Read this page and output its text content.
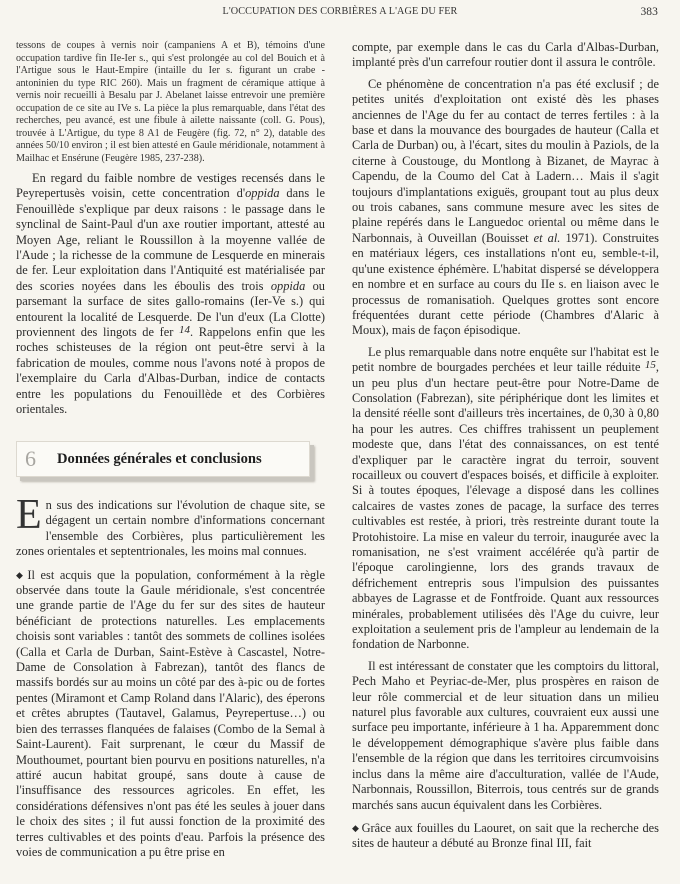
L'OCCUPATION DES CORBIÈRES A L'AGE DU FER	383

tessons de coupes à vernis noir (campaniens A et B), témoins d'une occupation tardive fin IIe-Ier s., qui s'est prolongée au col del Bouich et à l'Artigue sous le Haut-Empire (intaille du Ier s. figurant un crabe - antoninien du type RIC 260). Mais un fragment de céramique attique à vernis noir recueilli à Besalu par J. Abelanet laisse entrevoir une première occupation de ce site au IVe s. La pièce la plus remarquable, dans l'état des recherches, peu avancé, est une fibule à ailette naissante (coll. G. Pous), trouvée à L'Artigue, du type 8 A1 de Feugère (fig. 72, n° 2), datable des années 50/10 environ ; il est bien attesté en Gaule méridionale, notamment à Mailhac et Ensérune (Feugère 1985, 237-238).

En regard du faible nombre de vestiges recensés dans le Peyrepertusès voisin, cette concentration d'oppida dans le Fenouillède s'explique par deux raisons : le passage dans le synclinal de Saint-Paul d'un axe routier important, attesté au Moyen Age, reliant le Roussillon à la moyenne vallée de l'Aude ; la richesse de la commune de Lesquerde en minerais de fer. Leur exploitation dans l'Antiquité est matérialisée par des scories noyées dans les éboulis des trois oppida ou parsemant la surface de sites gallo-romains (Ier-Ve s.) qui entourent la localité de Lesquerde. De l'un d'eux (La Clotte) proviennent des lingots de fer 14. Rappelons enfin que les roches schisteuses de la région ont peut-être servi à la fabrication de moules, comme nous l'avons noté à propos de l'exemplaire du Carla d'Albas-Durban, indice de contacts entre les populations du Fenouillède et des Corbières orientales.

6	Données générales et conclusions

En sus des indications sur l'évolution de chaque site, se dégagent un certain nombre d'informations concernant l'ensemble des Corbières, plus particulièrement les zones orientales et septentrionales, les moins mal connues.

◆ Il est acquis que la population, conformément à la règle observée dans toute la Gaule méridionale, s'est concentrée une grande partie de l'Age du fer sur des sites de hauteur bénéficiant de protections naturelles. Les emplacements choisis sont variables : tantôt des sommets de collines isolées (Calla et Carla de Durban, Saint-Estève à Cascastel, Notre-Dame de Consolation à Fabrezan), tantôt des flancs de massifs bordés sur au moins un côté par des à-pic ou de fortes pentes (Miramont et Camp Roland dans l'Alaric), des éperons et crêtes abruptes (Tautavel, Galamus, Peyrepertuse…) ou bien des terrasses flanquées de falaises (Combo de la Semal à Saint-Laurent). Fait surprenant, le cœur du Massif de Mouthoumet, pourtant bien pourvu en positions naturelles, n'a attiré aucun habitat groupé, sans doute à cause de l'insuffisance des ressources agricoles. En effet, les considérations défensives n'ont pas été les seules à jouer dans le choix des sites ; il fut aussi fonction de la proximité des terres cultivables et des points d'eau. Parfois la présence des voies de communication a pu être prise en

compte, par exemple dans le cas du Carla d'Albas-Durban, implanté près d'un carrefour routier dont il assura le contrôle.

Ce phénomène de concentration n'a pas été exclusif ; de petites unités d'exploitation ont existé dès les phases anciennes de l'Age du fer au contact de terres fertiles : à la base et dans la mouvance des bourgades de hauteur (Calla et Carla de Durban) ou, à l'écart, sites du moulin à Paziols, de la citerne à Coustouge, du Montlong à Bizanet, de Mayrac à Capendu, de la Coumo del Cat à Ladern… Mais il s'agit toujours d'implantations exiguës, groupant tout au plus deux ou trois cabanes, sans commune mesure avec les sites de plaine repérés dans le Languedoc oriental ou même dans le Narbonnais, à Ouveillan (Bouisset et al. 1971). Construites en matériaux légers, ces installations n'ont eu, semble-t-il, qu'une existence éphémère. L'habitat dispersé se développera en nombre et en surface au cours du IIe s. en liaison avec le processus de romanisatioh. Quelques grottes sont encore fréquentées durant cette période (Chambres d'Alaric à Moux), mais de façon épisodique.

Le plus remarquable dans notre enquête sur l'habitat est le petit nombre de bourgades perchées et leur taille réduite 15, un peu plus d'un hectare peut-être pour Notre-Dame de Consolation (Fabrezan), site périphérique dont les limites et la densité réelle sont d'ailleurs très incertaines, de 0,30 à 0,80 ha pour les autres. Ces chiffres trahissent un peuplement modeste que, dans l'état des connaissances, on est tenté d'expliquer par le caractère ingrat du terroir, souvent rocailleux ou couvert d'espaces boisés, et difficile à exploiter. Si à toutes époques, l'élevage a disposé dans les collines calcaires de vastes zones de pacage, la surface des terres cultivables est restée, à priori, très restreinte durant toute la Protohistoire. La mise en valeur du terroir, inaugurée avec la romanisation, ne s'est vraiment accélérée qu'à partir de l'époque carolingienne, lors des grands travaux de défrichement entrepris sous l'impulsion des puissantes abbayes de Lagrasse et de Fontfroide. Quant aux ressources minérales, probablement utilisées dès l'Age du cuivre, leur exploitation a seulement pris de l'ampleur au lendemain de la fondation de Narbonne.

Il est intéressant de constater que les comptoirs du littoral, Pech Maho et Peyriac-de-Mer, plus prospères en raison de leur rôle commercial et de leur situation dans un milieu naturel plus favorable aux cultures, couvraient eux aussi une surface peu importante, inférieure à 1 ha. Apparemment donc le développement démographique s'avère plus faible dans l'ensemble de la région que dans les territoires circumvoisins inclus dans la même aire d'acculturation, vallée de l'Aude, Narbonnais, Roussillon, Biterrois, tous centrés sur de grands marchés sans aucun équivalent dans les Corbières.

◆ Grâce aux fouilles du Laouret, on sait que la recherche des sites de hauteur a débuté au Bronze final III, fait
